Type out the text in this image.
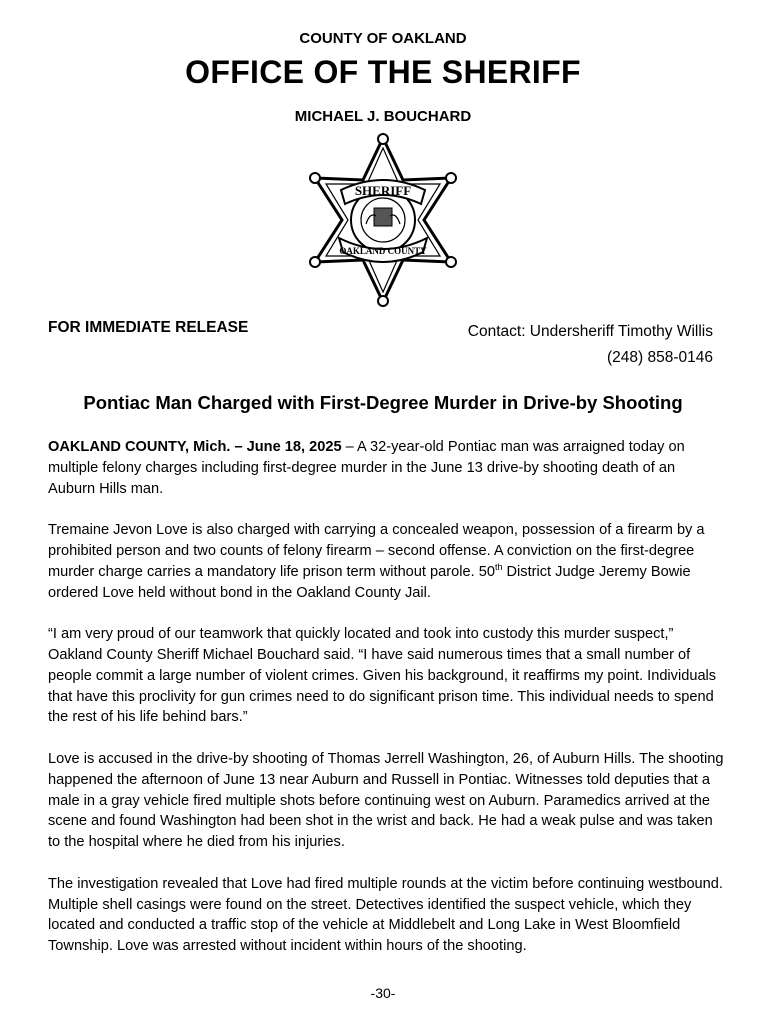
COUNTY OF OAKLAND
OFFICE OF THE SHERIFF
MICHAEL J. BOUCHARD
SHERIFF
OAKLAND COUNTY
FOR IMMEDIATE RELEASE	Contact: Undersheriff Timothy Willis
(248) 858-0146
Pontiac Man Charged with First-Degree Murder in Drive-by Shooting

OAKLAND COUNTY, Mich. – June 18, 2025 – A 32-year-old Pontiac man was arraigned today on multiple felony charges including first-degree murder in the June 13 drive-by shooting death of an Auburn Hills man.

Tremaine Jevon Love is also charged with carrying a concealed weapon, possession of a firearm by a prohibited person and two counts of felony firearm – second offense. A conviction on the first-degree murder charge carries a mandatory life prison term without parole. 50th District Judge Jeremy Bowie ordered Love held without bond in the Oakland County Jail.

“I am very proud of our teamwork that quickly located and took into custody this murder suspect,” Oakland County Sheriff Michael Bouchard said. “I have said numerous times that a small number of people commit a large number of violent crimes. Given his background, it reaffirms my point. Individuals that have this proclivity for gun crimes need to do significant prison time. This individual needs to spend the rest of his life behind bars.”

Love is accused in the drive-by shooting of Thomas Jerrell Washington, 26, of Auburn Hills. The shooting happened the afternoon of June 13 near Auburn and Russell in Pontiac. Witnesses told deputies that a male in a gray vehicle fired multiple shots before continuing west on Auburn. Paramedics arrived at the scene and found Washington had been shot in the wrist and back. He had a weak pulse and was taken to the hospital where he died from his injuries.

The investigation revealed that Love had fired multiple rounds at the victim before continuing westbound. Multiple shell casings were found on the street. Detectives identified the suspect vehicle, which they located and conducted a traffic stop of the vehicle at Middlebelt and Long Lake in West Bloomfield Township. Love was arrested without incident within hours of the shooting.

-30-
